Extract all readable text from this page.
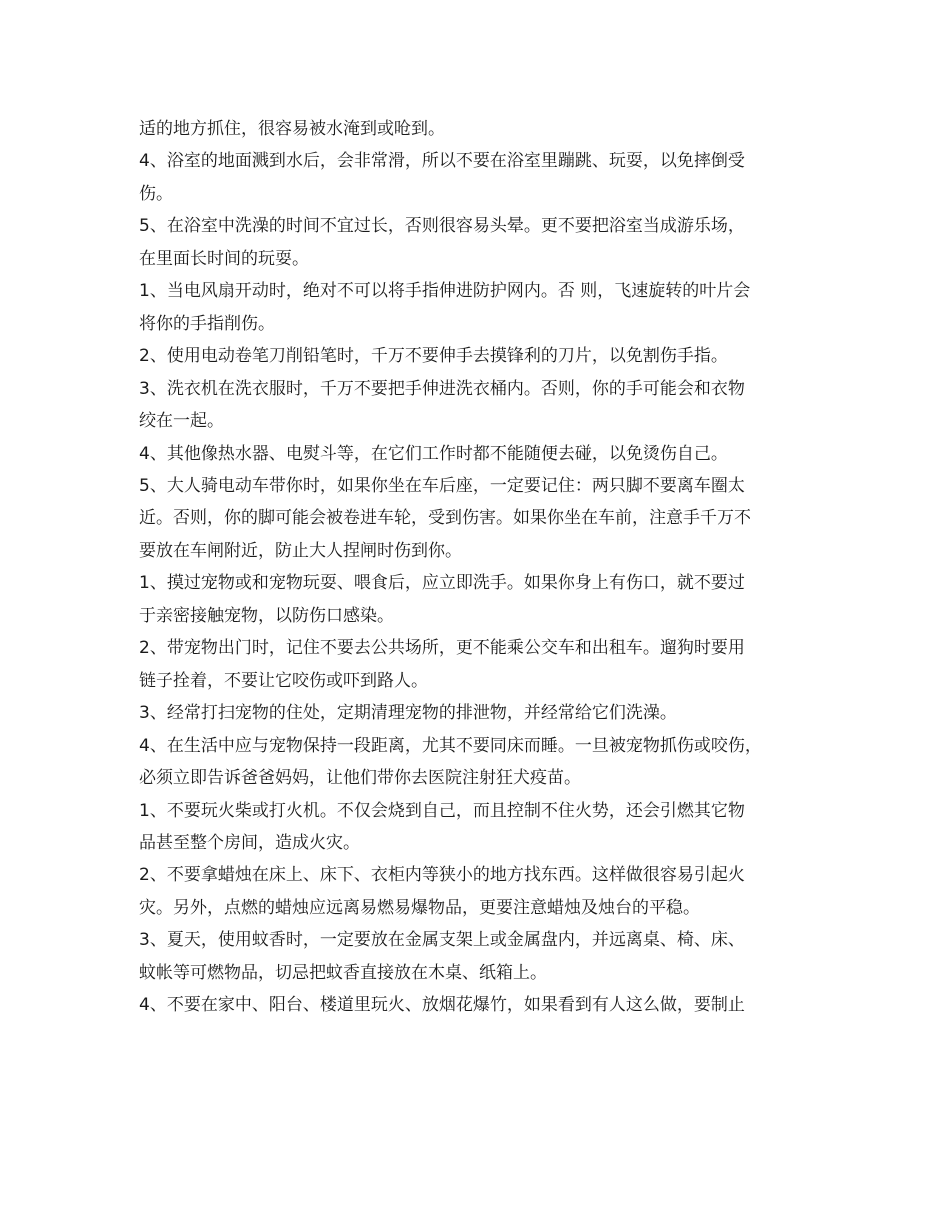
适的地方抓住，很容易被水淹到或呛到。
4、浴室的地面溅到水后，会非常滑，所以不要在浴室里蹦跳、玩耍，以免摔倒受
伤。
5、在浴室中洗澡的时间不宜过长，否则很容易头晕。更不要把浴室当成游乐场，
在里面长时间的玩耍。
1、当电风扇开动时，绝对不可以将手指伸进防护网内。否 则，飞速旋转的叶片会
将你的手指削伤。
2、使用电动卷笔刀削铅笔时，千万不要伸手去摸锋利的刀片，以免割伤手指。
3、洗衣机在洗衣服时，千万不要把手伸进洗衣桶内。否则，你的手可能会和衣物
绞在一起。
4、其他像热水器、电熨斗等，在它们工作时都不能随便去碰，以免烫伤自己。
5、大人骑电动车带你时，如果你坐在车后座，一定要记住：两只脚不要离车圈太
近。否则，你的脚可能会被卷进车轮，受到伤害。如果你坐在车前，注意手千万不
要放在车闸附近，防止大人捏闸时伤到你。
1、摸过宠物或和宠物玩耍、喂食后，应立即洗手。如果你身上有伤口，就不要过
于亲密接触宠物，以防伤口感染。
2、带宠物出门时，记住不要去公共场所，更不能乘公交车和出租车。遛狗时要用
链子拴着，不要让它咬伤或吓到路人。
3、经常打扫宠物的住处，定期清理宠物的排泄物，并经常给它们洗澡。
4、在生活中应与宠物保持一段距离，尤其不要同床而睡。一旦被宠物抓伤或咬伤，
必须立即告诉爸爸妈妈，让他们带你去医院注射狂犬疫苗。
1、不要玩火柴或打火机。不仅会烧到自己，而且控制不住火势，还会引燃其它物
品甚至整个房间，造成火灾。
2、不要拿蜡烛在床上、床下、衣柜内等狭小的地方找东西。这样做很容易引起火
灾。另外，点燃的蜡烛应远离易燃易爆物品，更要注意蜡烛及烛台的平稳。
3、夏天，使用蚊香时，一定要放在金属支架上或金属盘内，并远离桌、椅、床、
蚊帐等可燃物品，切忌把蚊香直接放在木桌、纸箱上。
4、不要在家中、阳台、楼道里玩火、放烟花爆竹，如果看到有人这么做，要制止
